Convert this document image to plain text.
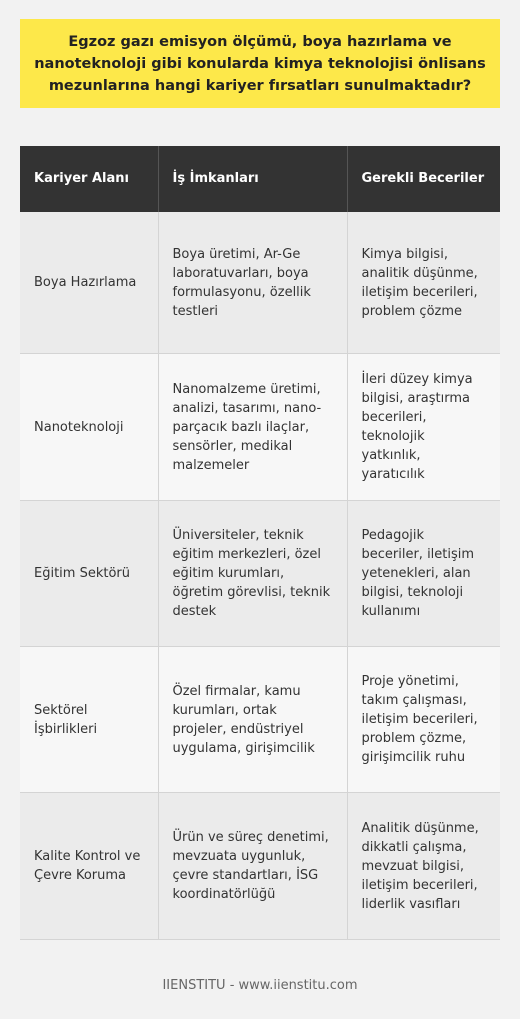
Egzoz gazı emisyon ölçümü, boya hazırlama ve nanoteknoloji gibi konularda kimya teknolojisi önlisans mezunlarına hangi kariyer fırsatları sunulmaktadır?
Kariyer Alanı	İş İmkanları	Gerekli Beceriler
Boya Hazırlama	Boya üretimi, Ar-Ge laboratuvarları, boya formulasyonu, özellik testleri	Kimya bilgisi, analitik düşünme, iletişim becerileri, problem çözme
Nanoteknoloji	Nanomalzeme üretimi, analizi, tasarımı, nano-parçacık bazlı ilaçlar, sensörler, medikal malzemeler	İleri düzey kimya bilgisi, araştırma becerileri, teknolojik yatkınlık, yaratıcılık
Eğitim Sektörü	Üniversiteler, teknik eğitim merkezleri, özel eğitim kurumları, öğretim görevlisi, teknik destek	Pedagojik beceriler, iletişim yetenekleri, alan bilgisi, teknoloji kullanımı
Sektörel İşbirlikleri	Özel firmalar, kamu kurumları, ortak projeler, endüstriyel uygulama, girişimcilik	Proje yönetimi, takım çalışması, iletişim becerileri, problem çözme, girişimcilik ruhu
Kalite Kontrol ve Çevre Koruma	Ürün ve süreç denetimi, mevzuata uygunluk, çevre standartları, İSG koordinatörlüğü	Analitik düşünme, dikkatli çalışma, mevzuat bilgisi, iletişim becerileri, liderlik vasıfları
IIENSTITU - www.iienstitu.com
